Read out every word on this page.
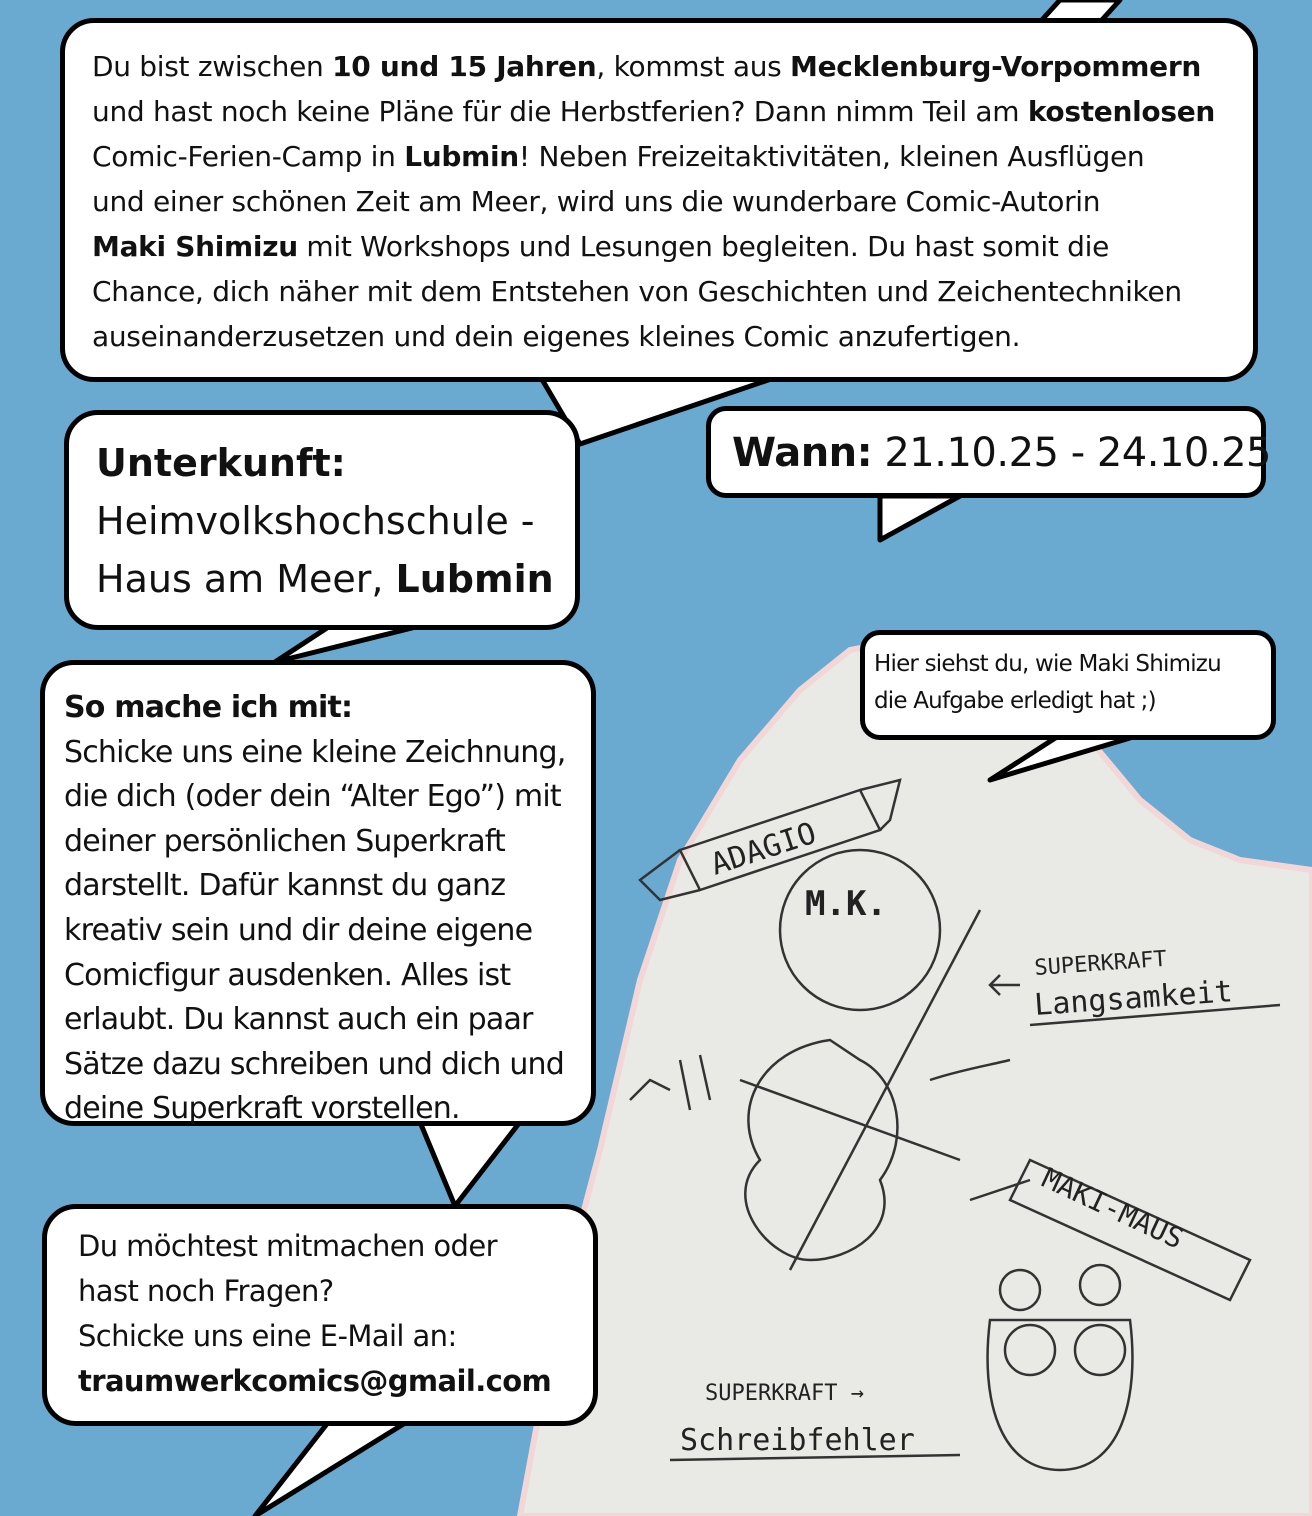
ADAGIO
MAKI-MAUS
SUPERKRAFT
Langsamkeit
SUPERKRAFT →
Schreibfehler
M.K.
Du bist zwischen 10 und 15 Jahren, kommst aus Mecklenburg-Vorpommern
und hast noch keine Pläne für die Herbstferien? Dann nimm Teil am kostenlosen
Comic-Ferien-Camp in Lubmin! Neben Freizeitaktivitäten, kleinen Ausflügen
und einer schönen Zeit am Meer, wird uns die wunderbare Comic-Autorin
Maki Shimizu mit Workshops und Lesungen begleiten. Du hast somit die
Chance, dich näher mit dem Entstehen von Geschichten und Zeichentechniken
auseinanderzusetzen und dein eigenes kleines Comic anzufertigen.
Unterkunft:
Heimvolkshochschule -
Haus am Meer, Lubmin
Wann: 21.10.25 - 24.10.25
So mache ich mit:
Schicke uns eine kleine Zeichnung,
die dich (oder dein “Alter Ego”) mit
deiner persönlichen Superkraft
darstellt. Dafür kannst du ganz
kreativ sein und dir deine eigene
Comicfigur ausdenken. Alles ist
erlaubt. Du kannst auch ein paar
Sätze dazu schreiben und dich und
deine Superkraft vorstellen.
Du möchtest mitmachen oder
hast noch Fragen?
Schicke uns eine E-Mail an:
traumwerkcomics@gmail.com
Hier siehst du, wie Maki Shimizu
die Aufgabe erledigt hat ;)
